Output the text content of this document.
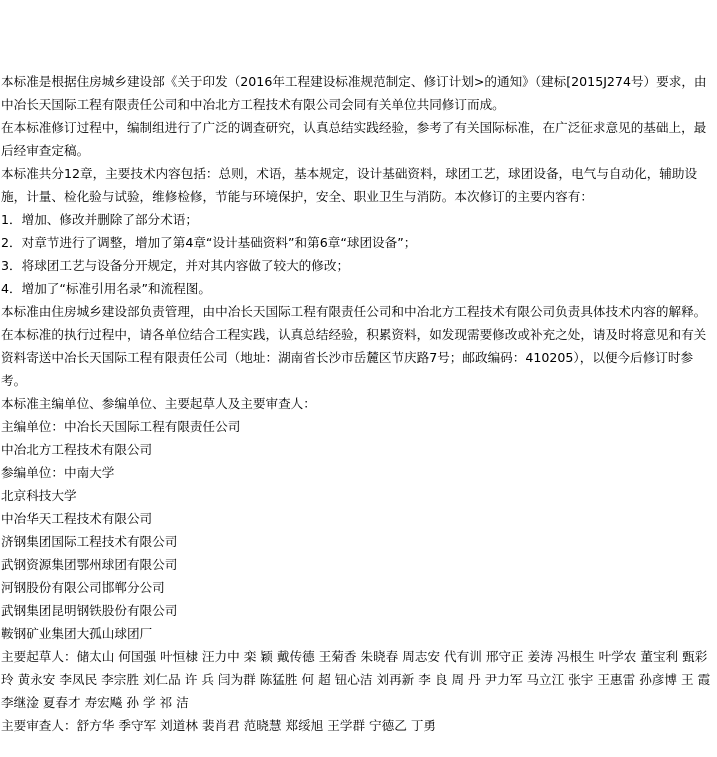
本标准是根据住房城乡建设部《关于印发（2016年工程建设标准规范制定、修订计划>的通知》（建标[2015J274号）要求，由中冶长天国际工程有限责任公司和中冶北方工程技术有限公司会同有关单位共同修订而成。

在本标准修订过程中，编制组进行了广泛的调查研究，认真总结实践经验，参考了有关国际标准，在广泛征求意见的基础上，最后经审查定稿。

本标准共分12章，主要技术内容包括：总则，术语，基本规定，设计基础资料，球团工艺，球团设备，电气与自动化，辅助设施，计量、检化验与试验，维修检修，节能与环境保护，安全、职业卫生与消防。本次修订的主要内容有：

1．增加、修改并删除了部分术语；

2．对章节进行了调整，增加了第4章“设计基础资料”和第6章“球团设备”；

3．将球团工艺与设备分开规定，并对其内容做了较大的修改；

4．增加了“标准引用名录”和流程图。

本标准由住房城乡建设部负责管理，由中冶长天国际工程有限责任公司和中冶北方工程技术有限公司负责具体技术内容的解释。在本标准的执行过程中，请各单位结合工程实践，认真总结经验，积累资料，如发现需要修改或补充之处，请及时将意见和有关资料寄送中冶长天国际工程有限责任公司（地址：湖南省长沙市岳麓区节庆路7号；邮政编码：410205），以便今后修订时参考。

本标准主编单位、参编单位、主要起草人及主要审查人：

主编单位：中冶长天国际工程有限责任公司

中冶北方工程技术有限公司

参编单位：中南大学

北京科技大学

中冶华天工程技术有限公司

济钢集团国际工程技术有限公司

武钢资源集团鄂州球团有限公司

河钢股份有限公司邯郸分公司

武钢集团昆明钢铁股份有限公司

鞍钢矿业集团大孤山球团厂

主要起草人：储太山 何国强 叶恒棣 汪力中 栾 颖 戴传德 王菊香 朱晓春 周志安 代有训 邢守正 姜涛 冯根生 叶学农 董宝利 甄彩玲 黄永安 李凤民 李宗胜 刘仁品 许 兵 闫为群 陈猛胜 何 超 钮心洁 刘再新 李 良 周 丹 尹力军 马立江 张宇 王惠雷 孙彦博 王 霞 李继淦 夏春才 寿宏飚 孙 学 祁 洁

主要审查人：舒方华 季守军 刘道林 裴肖君 范晓慧 郑绥旭 王学群 宁德乙 丁勇
